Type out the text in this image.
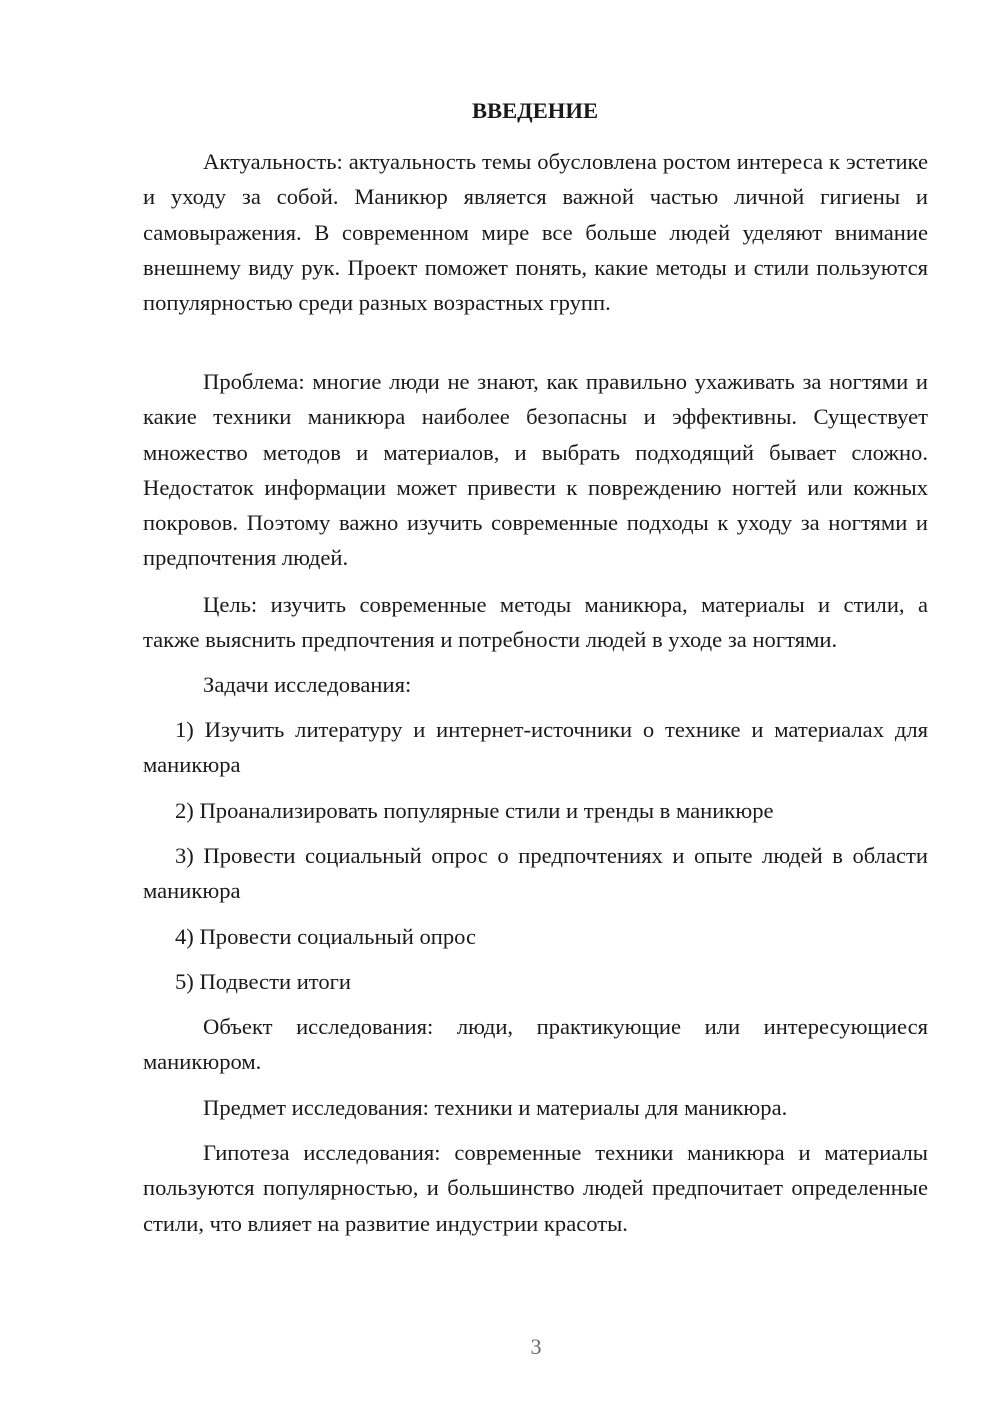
ВВЕДЕНИЕ

Актуальность: актуальность темы обусловлена ростом интереса к эстетике и уходу за собой. Маникюр является важной частью личной гигиены и самовыражения. В современном мире все больше людей уделяют внимание внешнему виду рук. Проект поможет понять, какие методы и стили пользуются популярностью среди разных возрастных групп.

Проблема: многие люди не знают, как правильно ухаживать за ногтями и какие техники маникюра наиболее безопасны и эффективны. Существует множество методов и материалов, и выбрать подходящий бывает сложно. Недостаток информации может привести к повреждению ногтей или кожных покровов. Поэтому важно изучить современные подходы к уходу за ногтями и предпочтения людей.

Цель: изучить современные методы маникюра, материалы и стили, а также выяснить предпочтения и потребности людей в уходе за ногтями.

Задачи исследования:

1) Изучить литературу и интернет-источники о технике и материалах для маникюра

2) Проанализировать популярные стили и тренды в маникюре

3) Провести социальный опрос о предпочтениях и опыте людей в области маникюра

4) Провести социальный опрос

5) Подвести итоги

Объект исследования: люди, практикующие или интересующиеся маникюром.

Предмет исследования: техники и материалы для маникюра.

Гипотеза исследования: современные техники маникюра и материалы пользуются популярностью, и большинство людей предпочитает определенные стили, что влияет на развитие индустрии красоты.

3
